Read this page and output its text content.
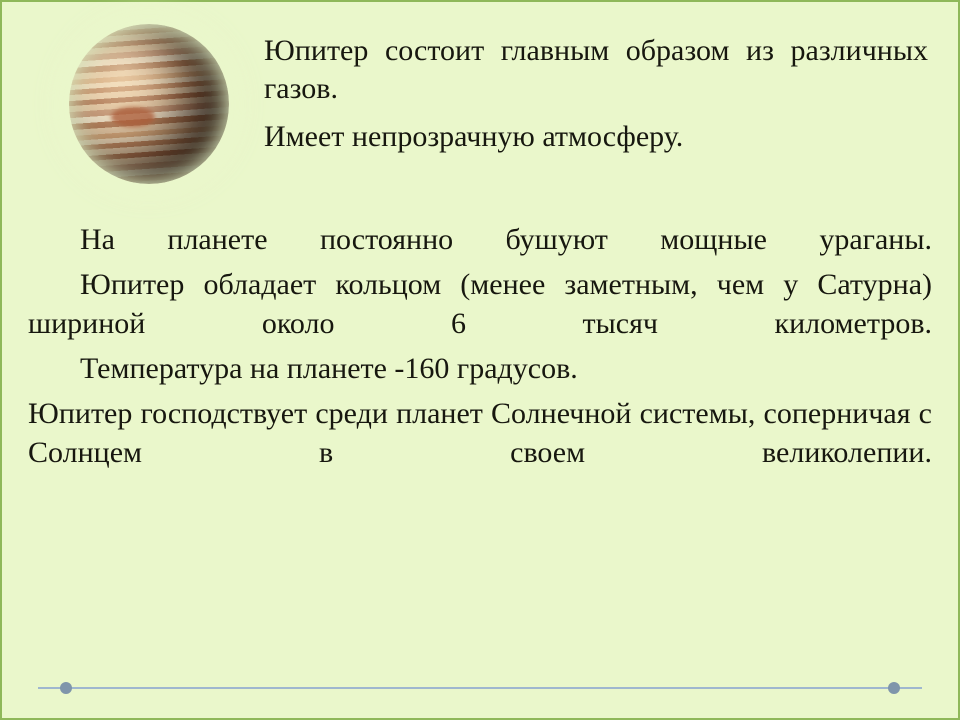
Юпитер состоит главным образом из различных газов.

Имеет непрозрачную атмосферу.

На планете постоянно бушуют мощные ураганы.

Юпитер обладает кольцом (менее заметным, чем у Сатурна) шириной около 6 тысяч километров.

Температура на планете -160 градусов.

Юпитер господствует среди планет Солнечной системы, соперничая с Солнцем в своем великолепии.
